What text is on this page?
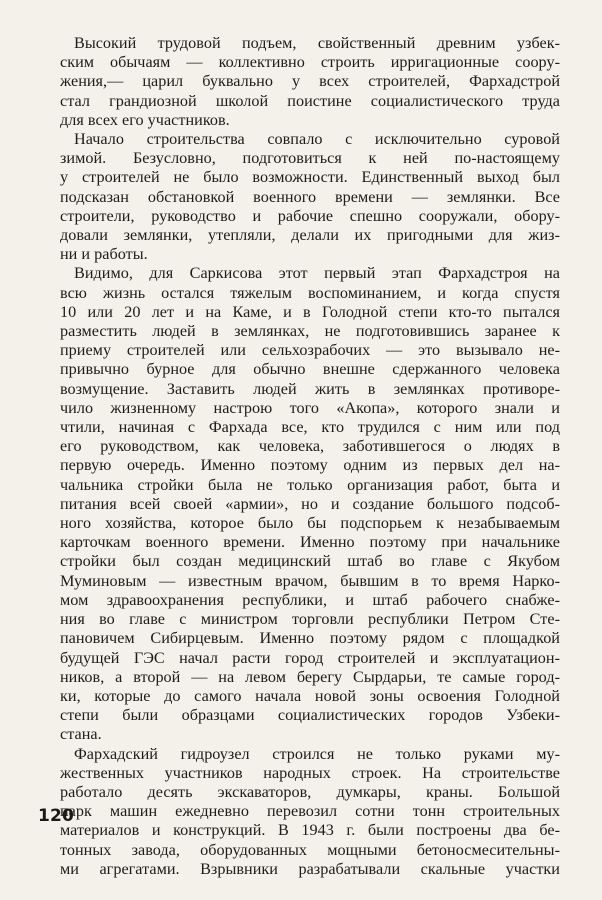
Высокий трудовой подъем, свойственный древним узбек-
ским обычаям — коллективно строить ирригационные соору-
жения,— царил буквально у всех строителей, Фархадстрой
стал грандиозной школой поистине социалистического труда
для всех его участников.
Начало строительства совпало с исключительно суровой
зимой. Безусловно, подготовиться к ней по-настоящему
у строителей не было возможности. Единственный выход был
подсказан обстановкой военного времени — землянки. Все
строители, руководство и рабочие спешно сооружали, обору-
довали землянки, утепляли, делали их пригодными для жиз-
ни и работы.
Видимо, для Саркисова этот первый этап Фархадстроя на
всю жизнь остался тяжелым воспоминанием, и когда спустя
10 или 20 лет и на Каме, и в Голодной степи кто-то пытался
разместить людей в землянках, не подготовившись заранее к
приему строителей или сельхозрабочих — это вызывало не-
привычно бурное для обычно внешне сдержанного человека
возмущение. Заставить людей жить в землянках противоре-
чило жизненному настрою того «Акопа», которого знали и
чтили, начиная с Фархада все, кто трудился с ним или под
его руководством, как человека, заботившегося о людях в
первую очередь. Именно поэтому одним из первых дел на-
чальника стройки была не только организация работ, быта и
питания всей своей «армии», но и создание большого подсоб-
ного хозяйства, которое было бы подспорьем к незабываемым
карточкам военного времени. Именно поэтому при начальнике
стройки был создан медицинский штаб во главе с Якубом
Муминовым — известным врачом, бывшим в то время Нарко-
мом здравоохранения республики, и штаб рабочего снабже-
ния во главе с министром торговли республики Петром Сте-
пановичем Сибирцевым. Именно поэтому рядом с площадкой
будущей ГЭС начал расти город строителей и эксплуатацион-
ников, а второй — на левом берегу Сырдарьи, те самые город-
ки, которые до самого начала новой зоны освоения Голодной
степи были образцами социалистических городов Узбеки-
стана.
Фархадский гидроузел строился не только руками му-
жественных участников народных строек. На строительстве
работало десять экскаваторов, думкары, краны. Большой
парк машин ежедневно перевозил сотни тонн строительных
материалов и конструкций. В 1943 г. были построены два бе-
тонных завода, оборудованных мощными бетоносмесительны-
ми агрегатами. Взрывники разрабатывали скальные участки
120
